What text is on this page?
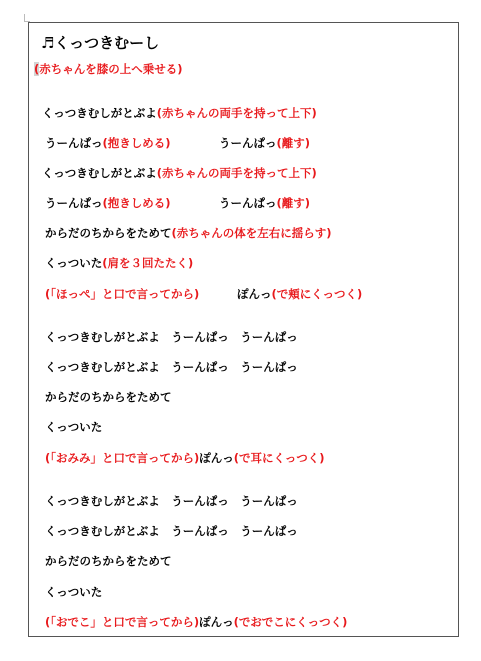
♬くっつきむーし
(赤ちゃんを膝の上へ乗せる)
くっつきむしがとぶよ(赤ちゃんの両手を持って上下)
うーんぱっ(抱きしめる)	うーんぱっ(離す)
くっつきむしがとぶよ(赤ちゃんの両手を持って上下)
うーんぱっ(抱きしめる)	うーんぱっ(離す)
からだのちからをためて(赤ちゃんの体を左右に揺らす)
くっついた(肩を３回たたく)
(「ほっぺ」と口で言ってから)	ぽんっ(で頬にくっつく)
くっつきむしがとぶよ　うーんぱっ　うーんぱっ
くっつきむしがとぶよ　うーんぱっ　うーんぱっ
からだのちからをためて
くっついた
(「おみみ」と口で言ってから)ぽんっ(で耳にくっつく)
くっつきむしがとぶよ　うーんぱっ　うーんぱっ
くっつきむしがとぶよ　うーんぱっ　うーんぱっ
からだのちからをためて
くっついた
(「おでこ」と口で言ってから)ぽんっ(でおでこにくっつく)
